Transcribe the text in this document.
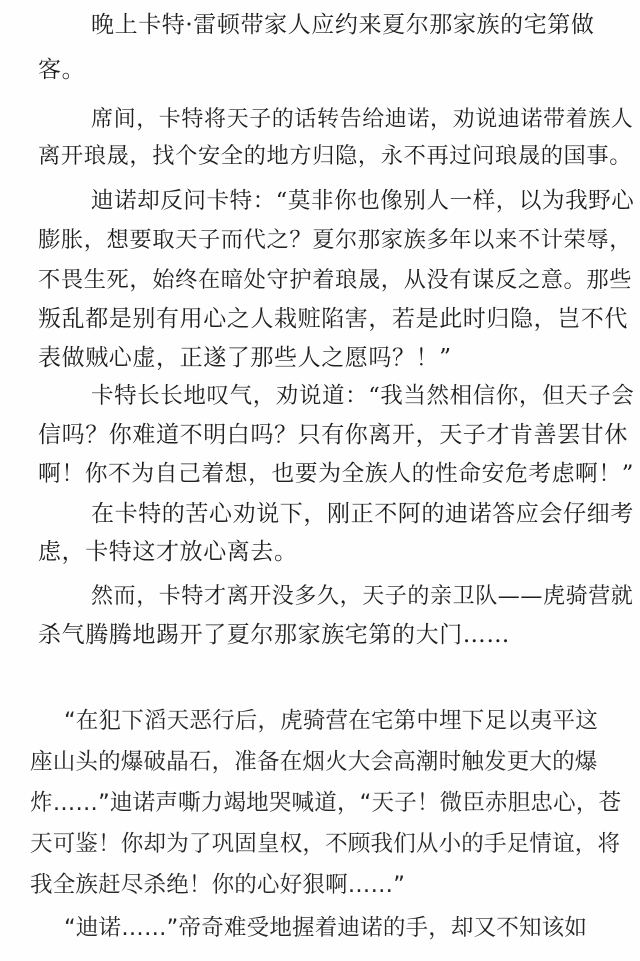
晚上卡特·雷顿带家人应约来夏尔那家族的宅第做
客。
席间，卡特将天子的话转告给迪诺，劝说迪诺带着族人
离开琅晟，找个安全的地方归隐，永不再过问琅晟的国事。
迪诺却反问卡特：“莫非你也像别人一样，以为我野心
膨胀，想要取天子而代之？夏尔那家族多年以来不计荣辱，
不畏生死，始终在暗处守护着琅晟，从没有谋反之意。那些
叛乱都是别有用心之人栽赃陷害，若是此时归隐，岂不代
表做贼心虚，正遂了那些人之愿吗？！”
卡特长长地叹气，劝说道：“我当然相信你，但天子会
信吗？你难道不明白吗？只有你离开，天子才肯善罢甘休
啊！你不为自己着想，也要为全族人的性命安危考虑啊！”
在卡特的苦心劝说下，刚正不阿的迪诺答应会仔细考
虑，卡特这才放心离去。
然而，卡特才离开没多久，天子的亲卫队——虎骑营就
杀气腾腾地踢开了夏尔那家族宅第的大门……
“在犯下滔天恶行后，虎骑营在宅第中埋下足以夷平这
座山头的爆破晶石，准备在烟火大会高潮时触发更大的爆
炸……”迪诺声嘶力竭地哭喊道，“天子！微臣赤胆忠心，苍
天可鉴！你却为了巩固皇权，不顾我们从小的手足情谊，将
我全族赶尽杀绝！你的心好狠啊……”
“迪诺……”帝奇难受地握着迪诺的手，却又不知该如
